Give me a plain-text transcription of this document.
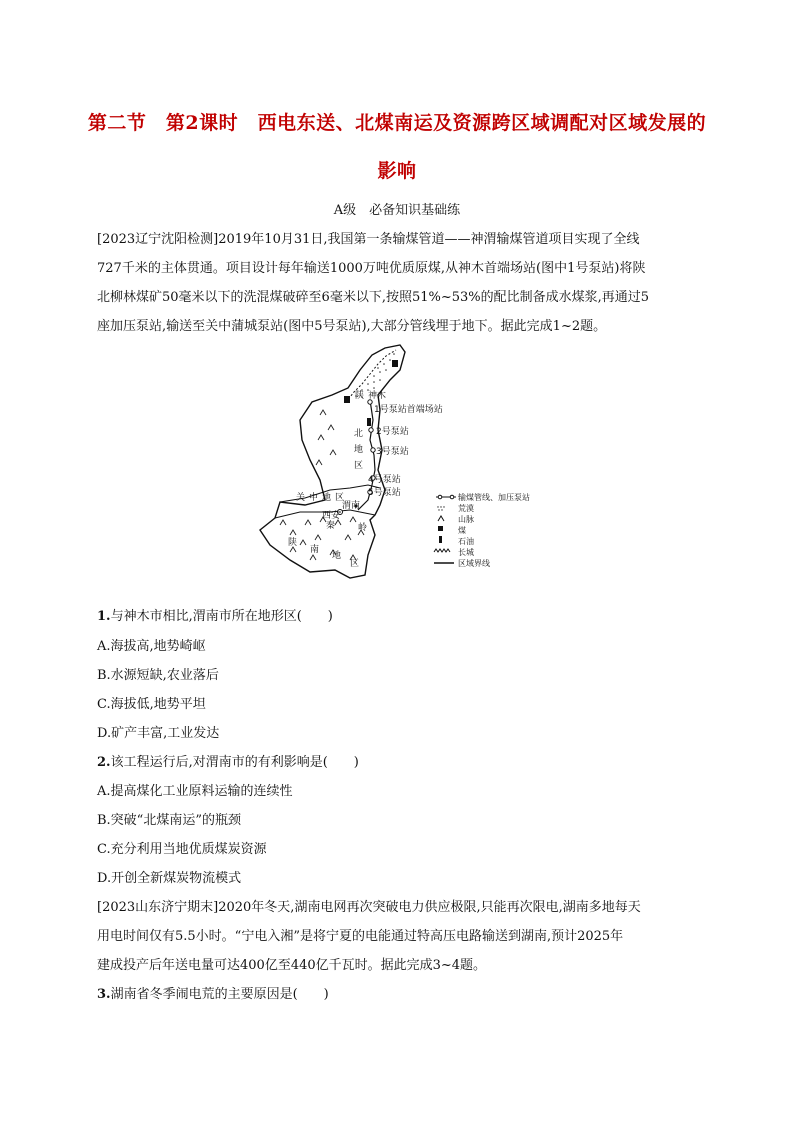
第二节　第2课时　西电东送、北煤南运及资源跨区域调配对区域发展的
影响
A级　必备知识基础练
[2023辽宁沈阳检测]2019年10月31日,我国第一条输煤管道——神渭输煤管道项目实现了全线
727千米的主体贯通。项目设计每年输送1000万吨优质原煤,从神木首端场站(图中1号泵站)将陕
北柳林煤矿50毫米以下的洗混煤破碎至6毫米以下,按照51%~53%的配比制备成水煤浆,再通过5
座加压泵站,输送至关中蒲城泵站(图中5号泵站),大部分管线埋于地下。据此完成1~2题。
陕 神木
1号泵站首端场站
北 2号泵站
地 3号泵站
区
4号泵站
5号泵站
关中地区
渭南
西安
秦	岭
陕
南
地
区
输煤管线、加压泵站
荒漠
山脉
煤
石油
长城
区域界线
1.与神木市相比,渭南市所在地形区(　　)
A.海拔高,地势崎岖
B.水源短缺,农业落后
C.海拔低,地势平坦
D.矿产丰富,工业发达
2.该工程运行后,对渭南市的有利影响是(　　)
A.提高煤化工业原料运输的连续性
B.突破“北煤南运”的瓶颈
C.充分利用当地优质煤炭资源
D.开创全新煤炭物流模式
[2023山东济宁期末]2020年冬天,湖南电网再次突破电力供应极限,只能再次限电,湖南多地每天
用电时间仅有5.5小时。“宁电入湘”是将宁夏的电能通过特高压电路输送到湖南,预计2025年
建成投产后年送电量可达400亿至440亿千瓦时。据此完成3~4题。
3.湖南省冬季闹电荒的主要原因是(　　)
